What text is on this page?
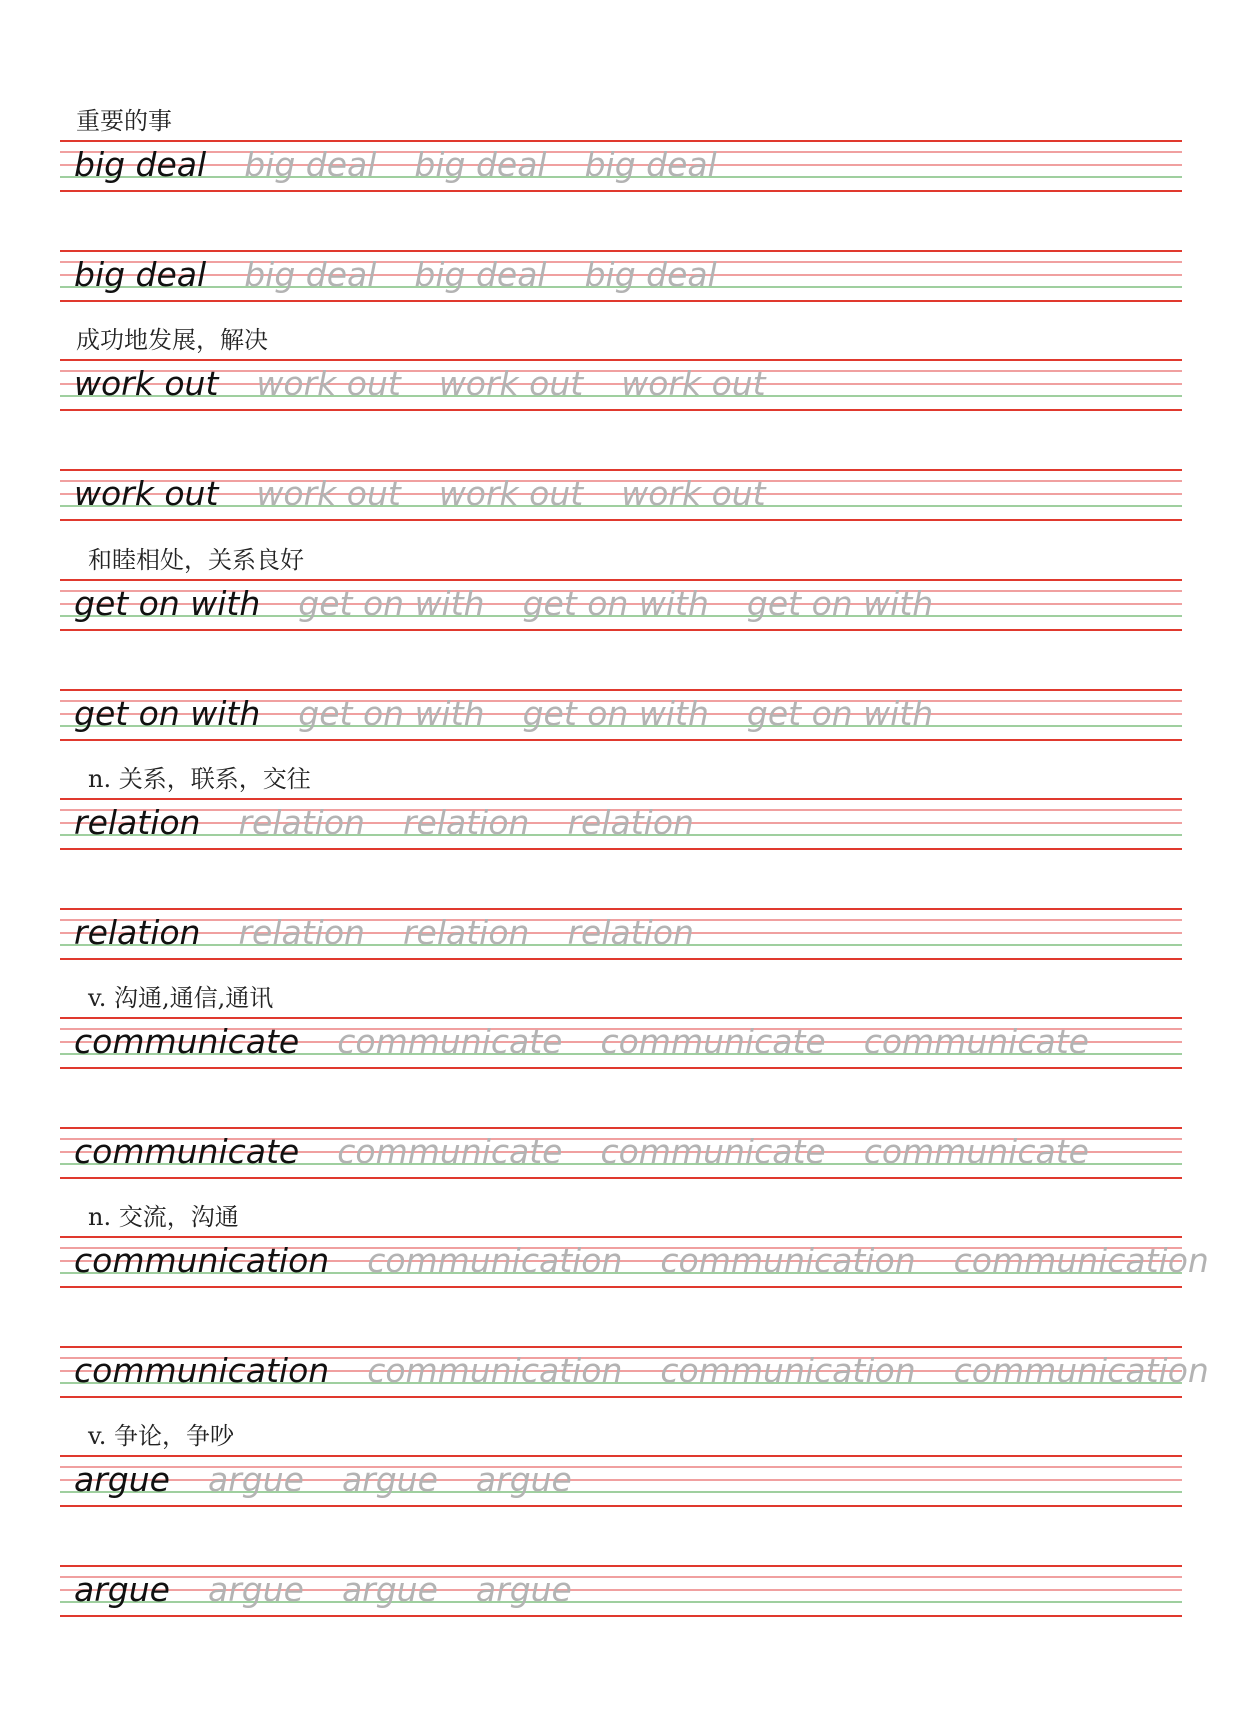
重要的事
big deal big deal big deal big deal
big deal big deal big deal big deal
成功地发展，解决
work out work out work out work out
work out work out work out work out
和睦相处，关系良好
get on with get on with get on with get on with
get on with get on with get on with get on with
n. 关系，联系，交往
relation relation relation relation
relation relation relation relation
v. 沟通,通信,通讯
communicate communicate communicate communicate
communicate communicate communicate communicate
n. 交流，沟通
communication communication communication communication
communication communication communication communication
v. 争论，争吵
argue argue argue argue
argue argue argue argue
